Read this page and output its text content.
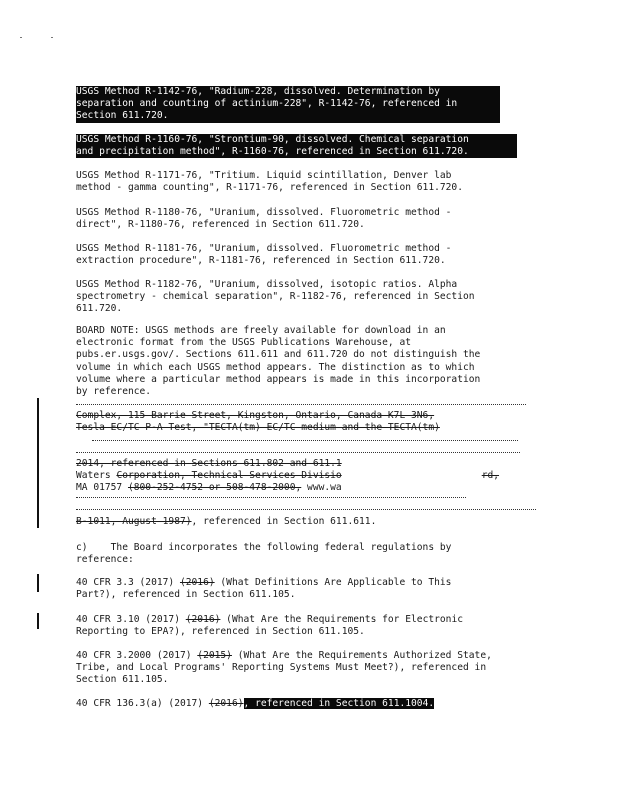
USGS Method R-1142-76, "Radium-228, dissolved. Determination by
separation and counting of actinium-228", R-1142-76, referenced in
Section 611.720.
USGS Method R-1160-76, "Strontium-90, dissolved. Chemical separation
and precipitation method", R-1160-76, referenced in Section 611.720.
USGS Method R-1171-76, "Tritium. Liquid scintillation, Denver lab
method - gamma counting", R-1171-76, referenced in Section 611.720.
USGS Method R-1180-76, "Uranium, dissolved. Fluorometric method -
direct", R-1180-76, referenced in Section 611.720.
USGS Method R-1181-76, "Uranium, dissolved. Fluorometric method -
extraction procedure", R-1181-76, referenced in Section 611.720.
USGS Method R-1182-76, "Uranium, dissolved, isotopic ratios. Alpha
spectrometry - chemical separation", R-1182-76, referenced in Section
611.720.
BOARD NOTE: USGS methods are freely available for download in an
electronic format from the USGS Publications Warehouse, at
pubs.er.usgs.gov/. Sections 611.611 and 611.720 do not distinguish the
volume in which each USGS method appears. The distinction as to which
volume where a particular method appears is made in this incorporation
by reference.
Complex, 115 Barrie Street, Kingston, Ontario, Canada K7L 3N6,
Tesla EC/TC P-A Test, "TECTA(tm) EC/TC medium and the TECTA(tm)
2014, referenced in Sections 611.802 and 611.1
Waters Corporation, Technical Services Divisio	rd,
MA 01757 (800-252-4752 or 508-478-2000, www.wa
B-1011, August 1987), referenced in Section 611.611.
c)    The Board incorporates the following federal regulations by
reference:
40 CFR 3.3 (2017) (2016) (What Definitions Are Applicable to This
Part?), referenced in Section 611.105.
40 CFR 3.10 (2017) (2016) (What Are the Requirements for Electronic
Reporting to EPA?), referenced in Section 611.105.
40 CFR 3.2000 (2017) (2015) (What Are the Requirements Authorized State,
Tribe, and Local Programs' Reporting Systems Must Meet?), referenced in
Section 611.105.
40 CFR 136.3(a) (2017) (2016), referenced in Section 611.1004.
